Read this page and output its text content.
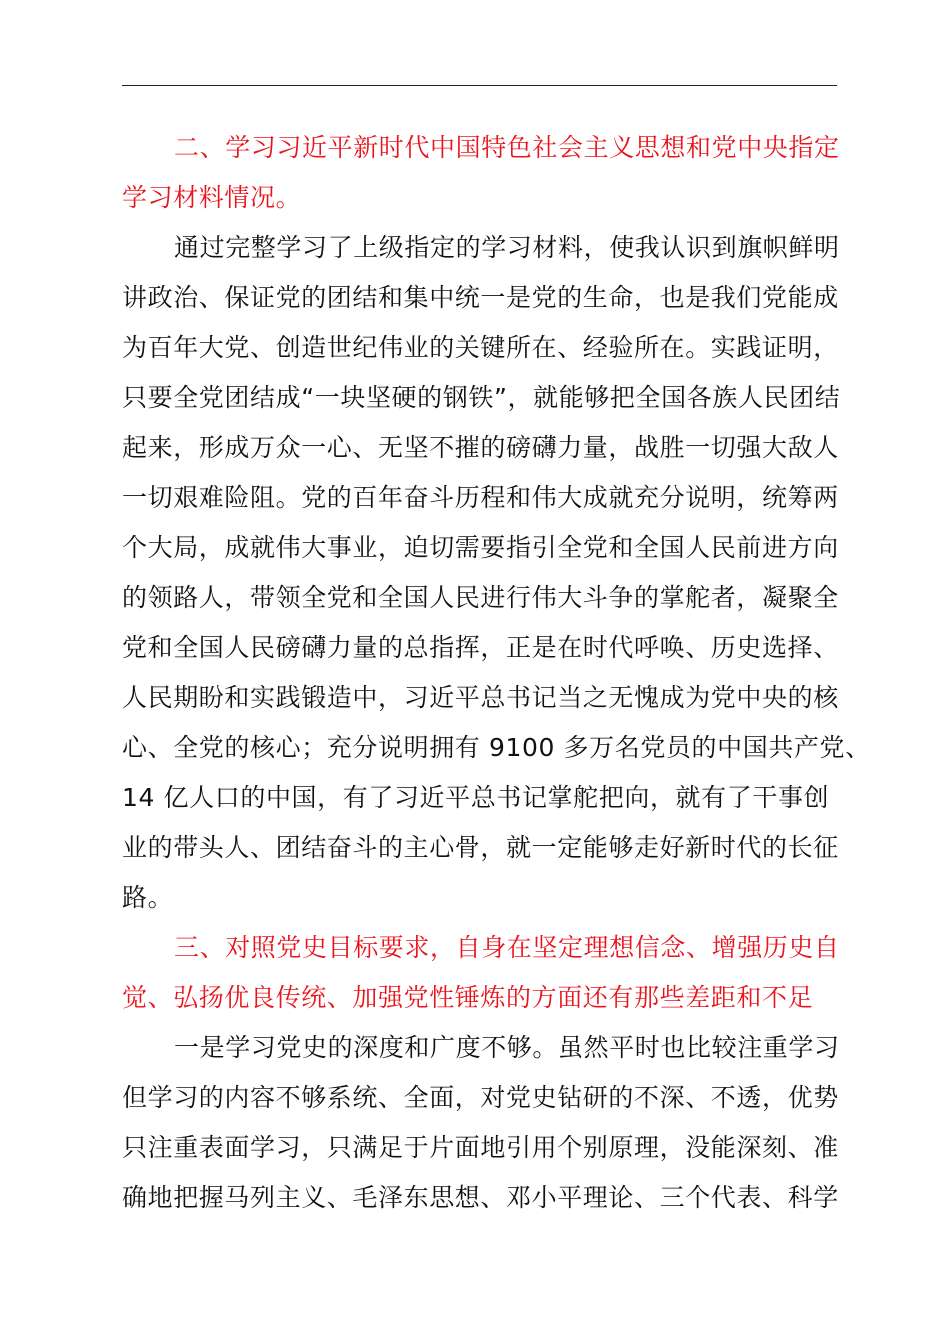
二、学习习近平新时代中国特色社会主义思想和党中央指定
学习材料情况。
通过完整学习了上级指定的学习材料，使我认识到旗帜鲜明
讲政治、保证党的团结和集中统一是党的生命，也是我们党能成
为百年大党、创造世纪伟业的关键所在、经验所在。实践证明，
只要全党团结成“一块坚硬的钢铁”，就能够把全国各族人民团结
起来，形成万众一心、无坚不摧的磅礴力量，战胜一切强大敌人
一切艰难险阻。党的百年奋斗历程和伟大成就充分说明，统筹两
个大局，成就伟大事业，迫切需要指引全党和全国人民前进方向
的领路人，带领全党和全国人民进行伟大斗争的掌舵者，凝聚全
党和全国人民磅礴力量的总指挥，正是在时代呼唤、历史选择、
人民期盼和实践锻造中，习近平总书记当之无愧成为党中央的核
心、全党的核心；充分说明拥有 9100 多万名党员的中国共产党、
14 亿人口的中国，有了习近平总书记掌舵把向，就有了干事创
业的带头人、团结奋斗的主心骨，就一定能够走好新时代的长征
路。
三、对照党史目标要求，自身在坚定理想信念、增强历史自
觉、弘扬优良传统、加强党性锤炼的方面还有那些差距和不足
一是学习党史的深度和广度不够。虽然平时也比较注重学习
但学习的内容不够系统、全面，对党史钻研的不深、不透，优势
只注重表面学习，只满足于片面地引用个别原理，没能深刻、准
确地把握马列主义、毛泽东思想、邓小平理论、三个代表、科学
